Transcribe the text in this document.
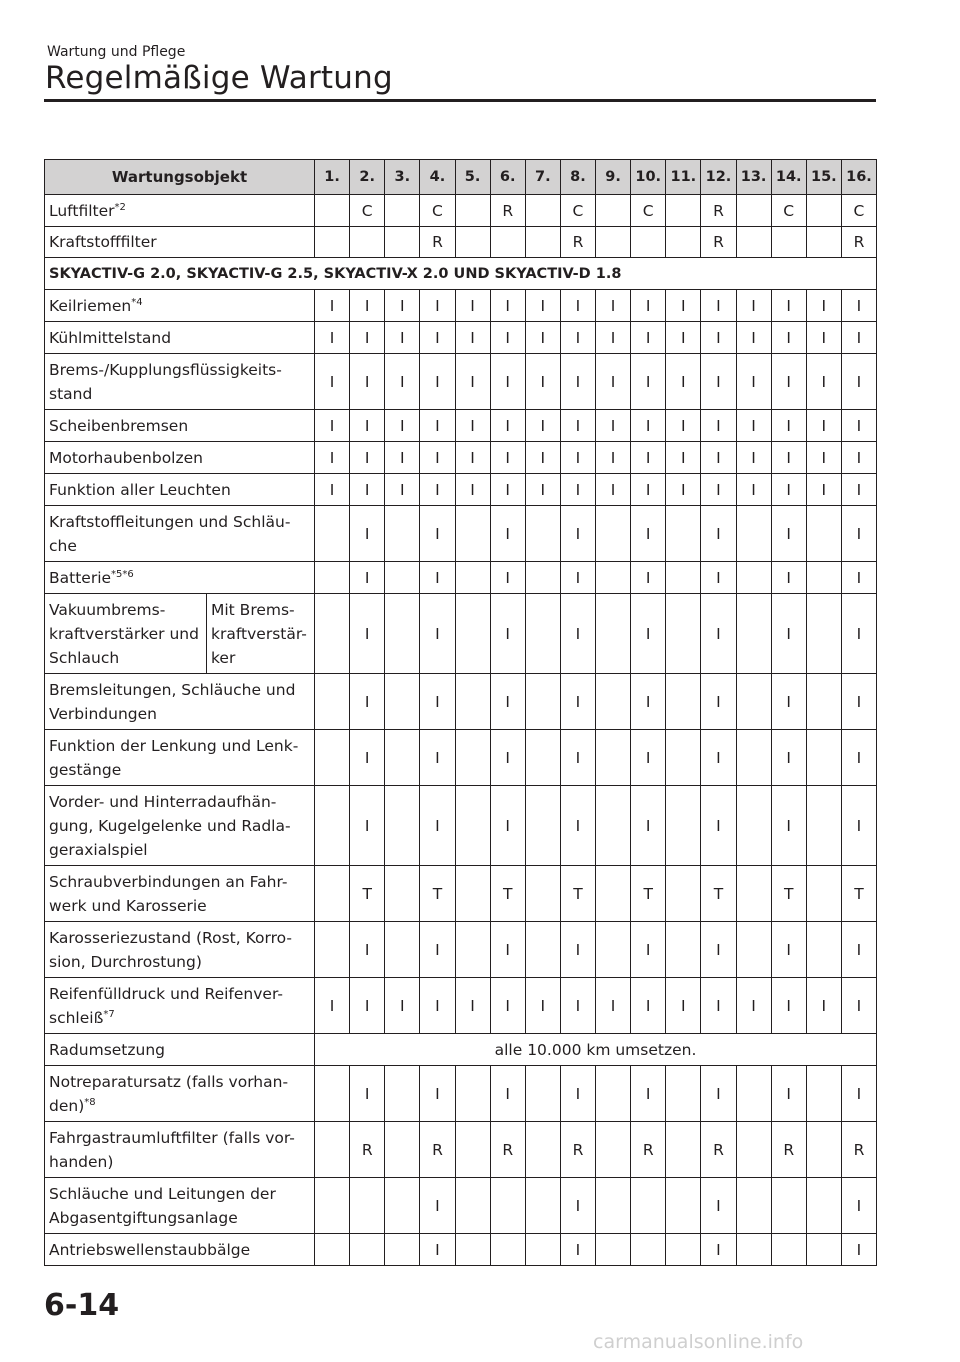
Wartung und Pflege
Regelmäßige Wartung
Wartungsobjekt		1.	2.	3.	4.	5.	6.	7.	8.	9.	10.	11.	12.	13.	14.	15.	16.
Luftfilter$^{*2}$			C		C		R		C		C		R		C		C
Kraftstofffilter					R				R				R				R
SKYACTIV-G 2.0, SKYACTIV-G 2.5, SKYACTIV-X 2.0 UND SKYACTIV-D 1.8																	
Keilriemen$^{*4}$		I	I	I	I	I	I	I	I	I	I	I	I	I	I	I	I
Kühlmittelstand		I	I	I	I	I	I	I	I	I	I	I	I	I	I	I	I
Brems-/Kupplungsflüssigkeits-
stand		I	I	I	I	I	I	I	I	I	I	I	I	I	I	I	I
Scheibenbremsen		I	I	I	I	I	I	I	I	I	I	I	I	I	I	I	I
Motorhaubenbolzen		I	I	I	I	I	I	I	I	I	I	I	I	I	I	I	I
Funktion aller Leuchten		I	I	I	I	I	I	I	I	I	I	I	I	I	I	I	I
Kraftstoffleitungen und Schläu-
che			I		I		I		I		I		I		I		I
Batterie$^{*5*6}$			I		I		I		I		I		I		I		I
Vakuumbrems-
kraftverstärker und
Schlauch	Mit Brems-
kraftverstär-
ker		I		I		I		I		I		I		I		I
Bremsleitungen, Schläuche und
Verbindungen			I		I		I		I		I		I		I		I
Funktion der Lenkung und Lenk-
gestänge			I		I		I		I		I		I		I		I
Vorder- und Hinterradaufhän-
gung, Kugelgelenke und Radla-
geraxialspiel			I		I		I		I		I		I		I		I
Schraubverbindungen an Fahr-
werk und Karosserie			T		T		T		T		T		T		T		T
Karosseriezustand (Rost, Korro-
sion, Durchrostung)			I		I		I		I		I		I		I		I
Reifenfülldruck und Reifenver-
schleiß$^{*7}$		I	I	I	I	I	I	I	I	I	I	I	I	I	I	I	I
Radumsetzung		alle 10.000 km umsetzen.															
Notreparatursatz (falls vorhan-
den)$^{*8}$			I		I		I		I		I		I		I		I
Fahrgastraumluftfilter (falls vor-
handen)			R		R		R		R		R		R		R		R
Schläuche und Leitungen der
Abgasentgiftungsanlage					I				I				I				I
Antriebswellenstaubbälge					I				I				I				I
6-14
carmanualsonline.info
